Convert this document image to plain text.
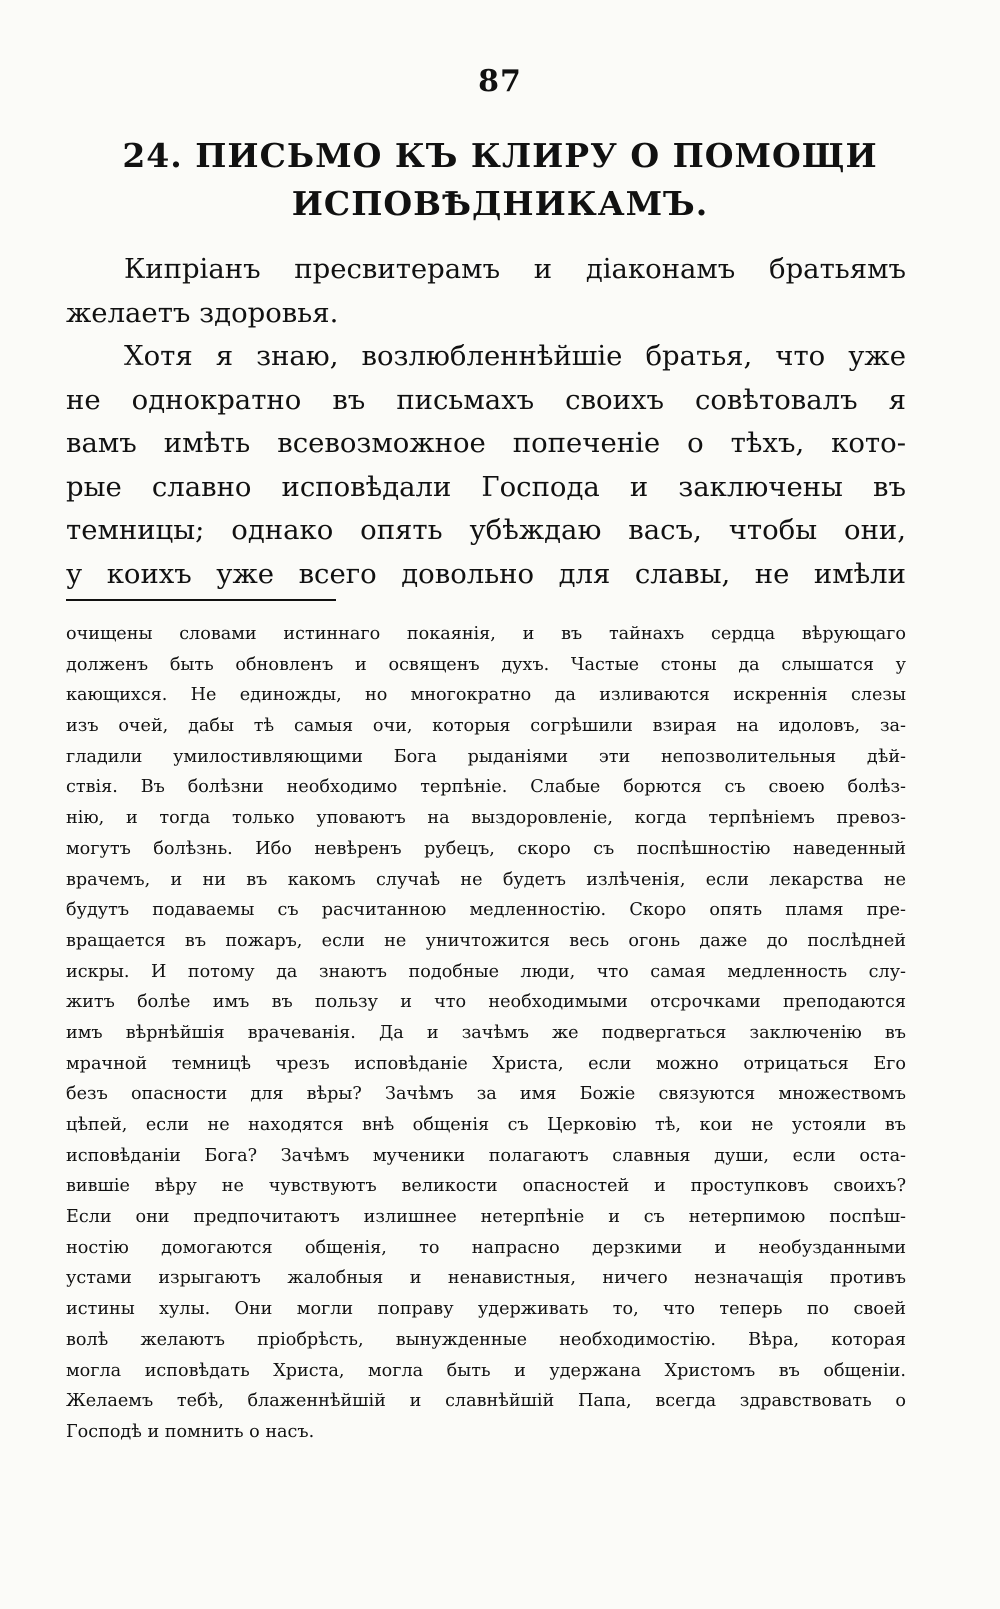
87
24. ПИСЬМО КЪ КЛИРУ О ПОМОЩИ
ИСПОВѢДНИКАМЪ.
Кипріанъ пресвитерамъ и діаконамъ братьямъ
желаетъ здоровья.
Хотя я знаю, возлюбленнѣйшіе братья, что уже
не однократно въ письмахъ своихъ совѣтовалъ я
вамъ имѣть всевозможное попеченіе о тѣхъ, кото-
рые славно исповѣдали Господа и заключены въ
темницы; однако опять убѣждаю васъ, чтобы они,
у коихъ уже всего довольно для славы, не имѣли
очищены словами истиннаго покаянія, и въ тайнахъ сердца вѣрующаго
долженъ быть обновленъ и освященъ духъ. Частые стоны да слышатся у
кающихся. Не единожды, но многократно да изливаются искреннія слезы
изъ очей, дабы тѣ самыя очи, которыя согрѣшили взирая на идоловъ, за-
гладили умилостивляющими Бога рыданіями эти непозволительныя дѣй-
ствія. Въ болѣзни необходимо терпѣніе. Слабые борются съ своею болѣз-
нію, и тогда только уповаютъ на выздоровленіе, когда терпѣніемъ превоз-
могутъ болѣзнь. Ибо невѣренъ рубецъ, скоро съ поспѣшностію наведенный
врачемъ, и ни въ какомъ случаѣ не будетъ излѣченія, если лекарства не
будутъ подаваемы съ расчитанною медленностію. Скоро опять пламя пре-
вращается въ пожаръ, если не уничтожится весь огонь даже до послѣдней
искры. И потому да знаютъ подобные люди, что самая медленность слу-
житъ болѣе имъ въ пользу и что необходимыми отсрочками преподаются
имъ вѣрнѣйшія врачеванія. Да и зачѣмъ же подвергаться заключенію въ
мрачной темницѣ чрезъ исповѣданіе Христа, если можно отрицаться Его
безъ опасности для вѣры? Зачѣмъ за имя Божіе связуются множествомъ
цѣпей, если не находятся внѣ общенія съ Церковію тѣ, кои не устояли въ
исповѣданіи Бога? Зачѣмъ мученики полагаютъ славныя души, если оста-
вившіе вѣру не чувствуютъ великости опасностей и проступковъ своихъ?
Если они предпочитаютъ излишнее нетерпѣніе и съ нетерпимою поспѣш-
ностію домогаются общенія, то напрасно дерзкими и необузданными
устами изрыгаютъ жалобныя и ненавистныя, ничего незначащія противъ
истины хулы. Они могли поправу удерживать то, что теперь по своей
волѣ желаютъ пріобрѣсть, вынужденные необходимостію. Вѣра, которая
могла исповѣдать Христа, могла быть и удержана Христомъ въ общеніи.
Желаемъ тебѣ, блаженнѣйшій и славнѣйшій Папа, всегда здравствовать о
Господѣ и помнить о насъ.
